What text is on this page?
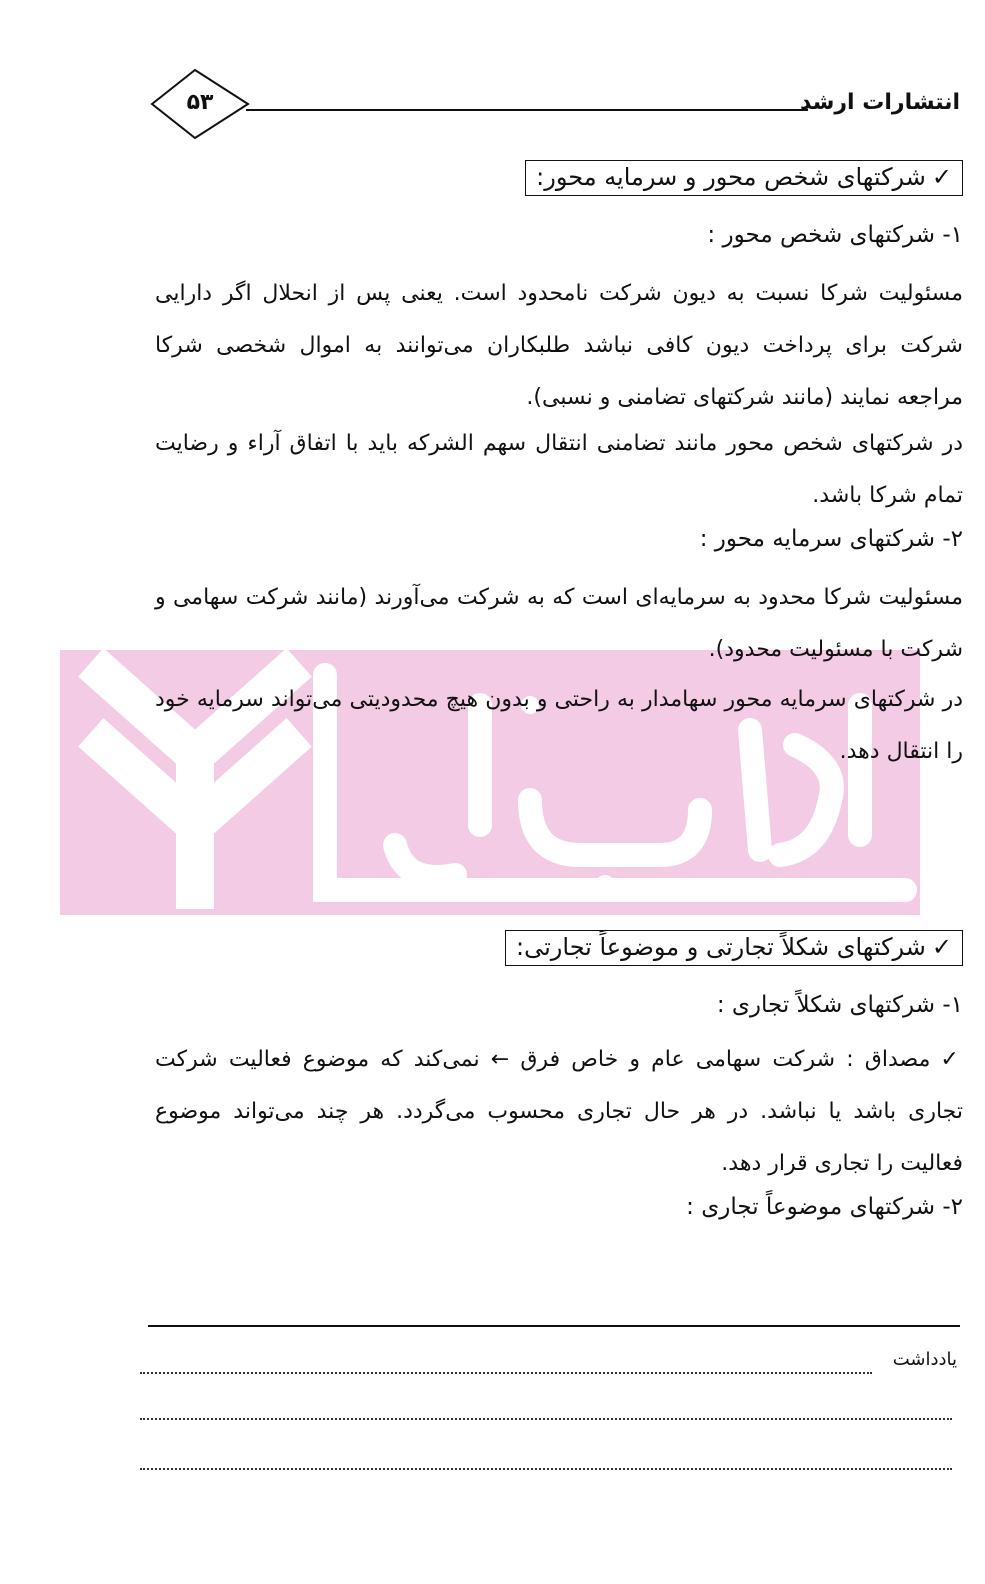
۵۳	انتشارات ارشد
✓شرکتهای شخص محور و سرمایه محور:

۱- شرکتهای شخص محور :

مسئولیت شرکا نسبت به دیون شرکت نامحدود است. یعنی پس از انحلال اگر دارایی شرکت برای پرداخت دیون کافی نباشد طلبکاران می‌توانند به اموال شخصی شرکا مراجعه نمایند (مانند شرکتهای تضامنی و نسبی).

در شرکتهای شخص محور مانند تضامنی انتقال سهم الشرکه باید با اتفاق آراء و رضایت تمام شرکا باشد.

۲- شرکتهای سرمایه محور :

مسئولیت شرکا محدود به سرمایه‌ای است که به شرکت می‌آورند (مانند شرکت سهامی و شرکت با مسئولیت محدود).

در شرکتهای سرمایه محور سهامدار به راحتی و بدون هیچ محدودیتی می‌تواند سرمایه خود را انتقال دهد.

✓شرکتهای شکلاً تجارتی و موضوعاً تجارتی:

۱- شرکتهای شکلاً تجاری :

✓مصداق : شرکت سهامی عام و خاص فرق ← نمی‌کند که موضوع فعالیت شرکت تجاری باشد یا نباشد. در هر حال تجاری محسوب می‌گردد. هر چند می‌تواند موضوع فعالیت را تجاری قرار دهد.

۲- شرکتهای موضوعاً تجاری :

یادداشت
